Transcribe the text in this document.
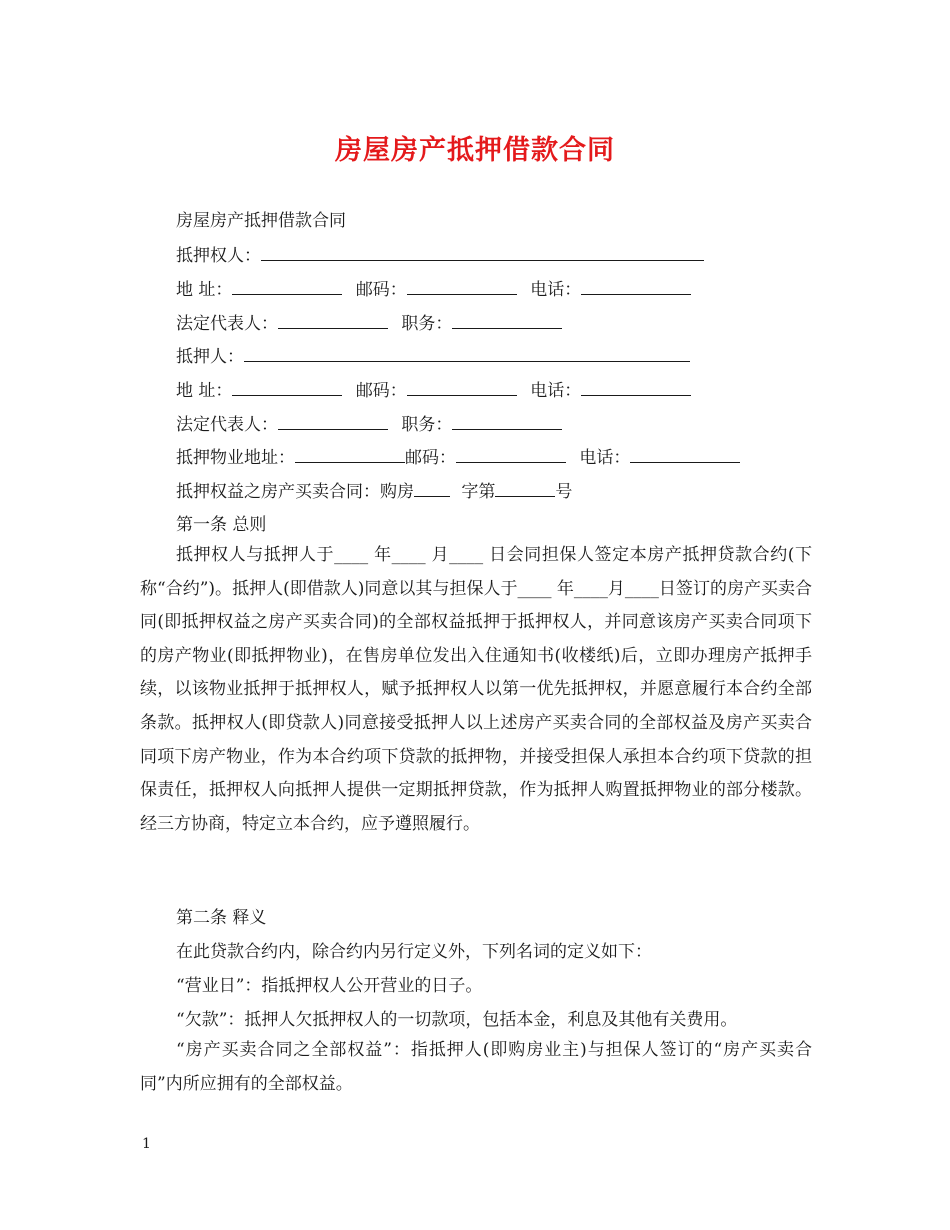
房屋房产抵押借款合同
房屋房产抵押借款合同
抵押权人：
地 址：	邮码：	电话：
法定代表人：	职务：
抵押人：
地 址：	邮码：	电话：
法定代表人：	职务：
抵押物业地址：	邮码：	电话：
抵押权益之房产买卖合同：购房	字第	号
第一条 总则
抵押权人与抵押人于____ 年____ 月____ 日会同担保人签定本房产抵押贷款合约(下称“合约”)。抵押人(即借款人)同意以其与担保人于____ 年____月____日签订的房产买卖合同(即抵押权益之房产买卖合同)的全部权益抵押于抵押权人，并同意该房产买卖合同项下的房产物业(即抵押物业)，在售房单位发出入住通知书(收楼纸)后，立即办理房产抵押手续，以该物业抵押于抵押权人，赋予抵押权人以第一优先抵押权，并愿意履行本合约全部条款。抵押权人(即贷款人)同意接受抵押人以上述房产买卖合同的全部权益及房产买卖合同项下房产物业，作为本合约项下贷款的抵押物，并接受担保人承担本合约项下贷款的担保责任，抵押权人向抵押人提供一定期抵押贷款，作为抵押人购置抵押物业的部分楼款。经三方协商，特定立本合约，应予遵照履行。
第二条 释义
在此贷款合约内，除合约内另行定义外，下列名词的定义如下：
“营业日”：指抵押权人公开营业的日子。
“欠款”：抵押人欠抵押权人的一切款项，包括本金，利息及其他有关费用。
“房产买卖合同之全部权益”：指抵押人(即购房业主)与担保人签订的“房产买卖合同”内所应拥有的全部权益。
1
